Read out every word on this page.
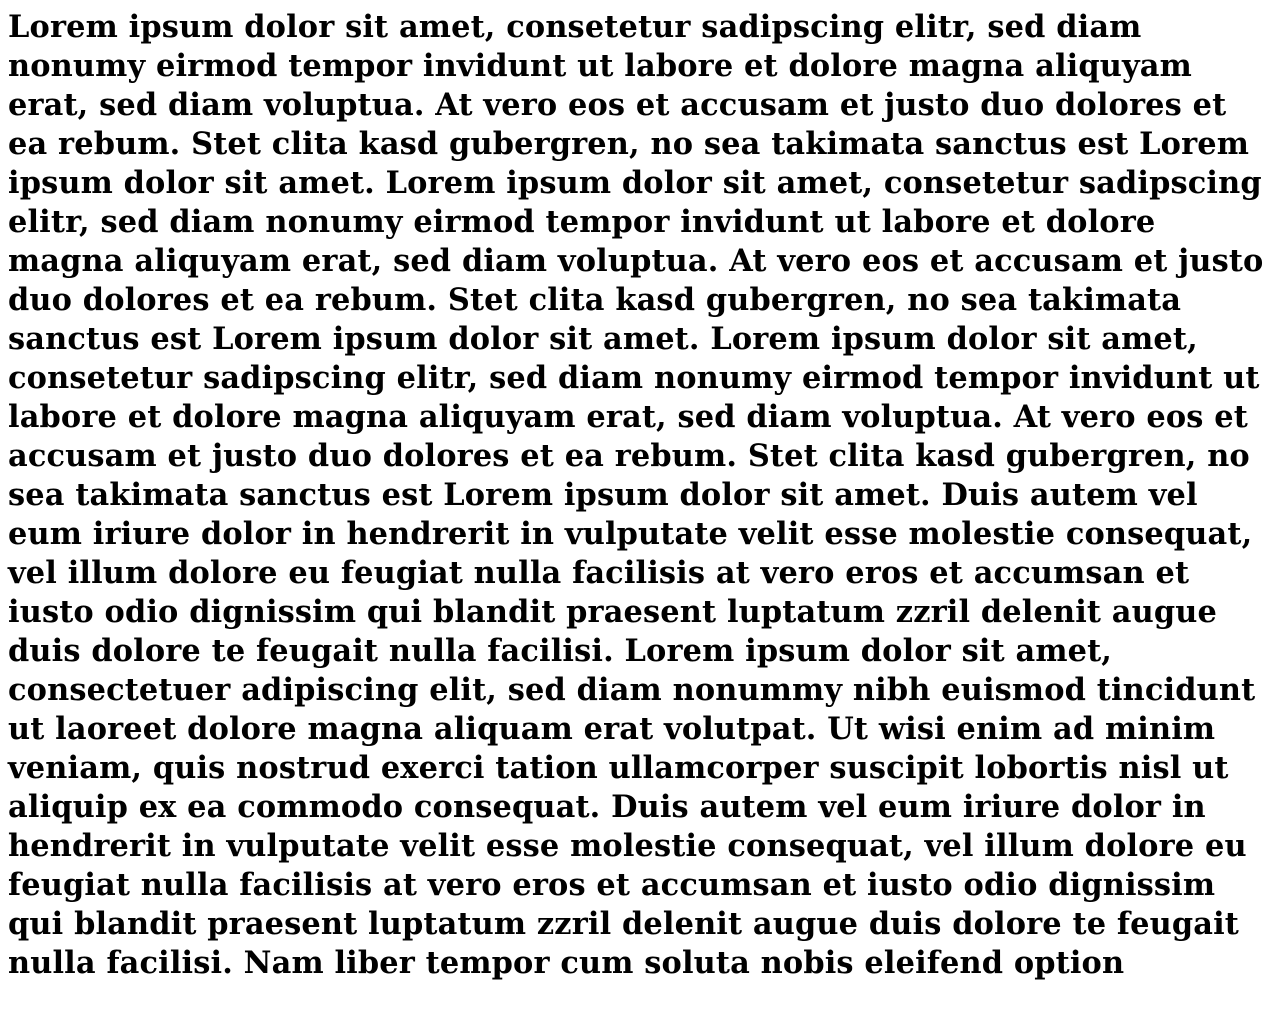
Lorem ipsum dolor sit amet, consetetur sadipscing elitr, sed diam nonumy eirmod tempor invidunt ut labore et dolore magna aliquyam erat, sed diam voluptua. At vero eos et accusam et justo duo dolores et ea rebum. Stet clita kasd gubergren, no sea takimata sanctus est Lorem ipsum dolor sit amet. Lorem ipsum dolor sit amet, consetetur sadipscing elitr, sed diam nonumy eirmod tempor invidunt ut labore et dolore magna aliquyam erat, sed diam voluptua. At vero eos et accusam et justo duo dolores et ea rebum. Stet clita kasd gubergren, no sea takimata sanctus est Lorem ipsum dolor sit amet. Lorem ipsum dolor sit amet, consetetur sadipscing elitr, sed diam nonumy eirmod tempor invidunt ut labore et dolore magna aliquyam erat, sed diam voluptua. At vero eos et accusam et justo duo dolores et ea rebum. Stet clita kasd gubergren, no sea takimata sanctus est Lorem ipsum dolor sit amet. Duis autem vel eum iriure dolor in hendrerit in vulputate velit esse molestie consequat, vel illum dolore eu feugiat nulla facilisis at vero eros et accumsan et iusto odio dignissim qui blandit praesent luptatum zzril delenit augue duis dolore te feugait nulla facilisi. Lorem ipsum dolor sit amet, consectetuer adipiscing elit, sed diam nonummy nibh euismod tincidunt ut laoreet dolore magna aliquam erat volutpat. Ut wisi enim ad minim veniam, quis nostrud exerci tation ullamcorper suscipit lobortis nisl ut aliquip ex ea commodo consequat. Duis autem vel eum iriure dolor in hendrerit in vulputate velit esse molestie consequat, vel illum dolore eu feugiat nulla facilisis at vero eros et accumsan et iusto odio dignissim qui blandit praesent luptatum zzril delenit augue duis dolore te feugait nulla facilisi. Nam liber tempor cum soluta nobis eleifend option
